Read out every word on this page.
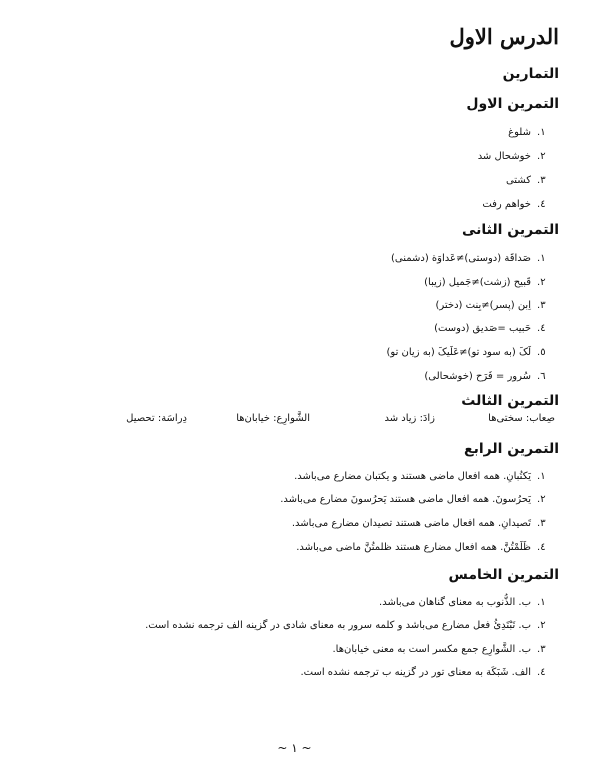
الدرس الاول
التمارين
التمرين الاول
١.شلوغ
٢.خوشحال شد
٣.کشتی
٤.خواهم رفت
التمرين الثانى
١.صَداقَة (دوستی)≠عَداوَة (دشمنی)
٢.قَبیح (زشت)≠جَمیل (زیبا)
٣.اِبن (پسر)≠بِنت (دختر)
٤.حَبیب =صَدیق (دوست)
٥.لَکَ (به سود تو)≠عَلَیکَ (به زیان تو)
٦.سُرور = فَرَح (خوشحالی)
التمرين الثالث
صِعاب: سختی‌ها
زادَ: زیاد شد
الشَّوارِع: خیابان‌ها
دِراسَة: تحصیل
التمرين الرابع
١.یَکتُبانِ. همه افعال ماضی هستند و یکتبان مضارع می‌باشد.
٢.یَحرُسونَ. همه افعال ماضی هستند یَحرُسونَ مضارع می‌باشد.
٣.تَصیدانِ. همه افعال ماضی هستند تصیدان مضارع می‌باشد.
٤.ظَلَمْتُنَّ. همه افعال مضارع هستند ظلمتُنَّ ماضی می‌باشد.
التمرين الخامس
١.ب. الذُّنوب به معنای گناهان می‌باشد.
٢.ب. تَبْتَدِئُ فعل مضارع می‌باشد و کلمه سرور به معنای شادی در گزینه الف ترجمه نشده است.
٣.ب. الشَّوارِع جمع مکسر است به معنی خیابان‌ها.
٤.الف. شَبَکَة به معنای تور در گزینه ب ترجمه نشده است.
~ ١ ~
